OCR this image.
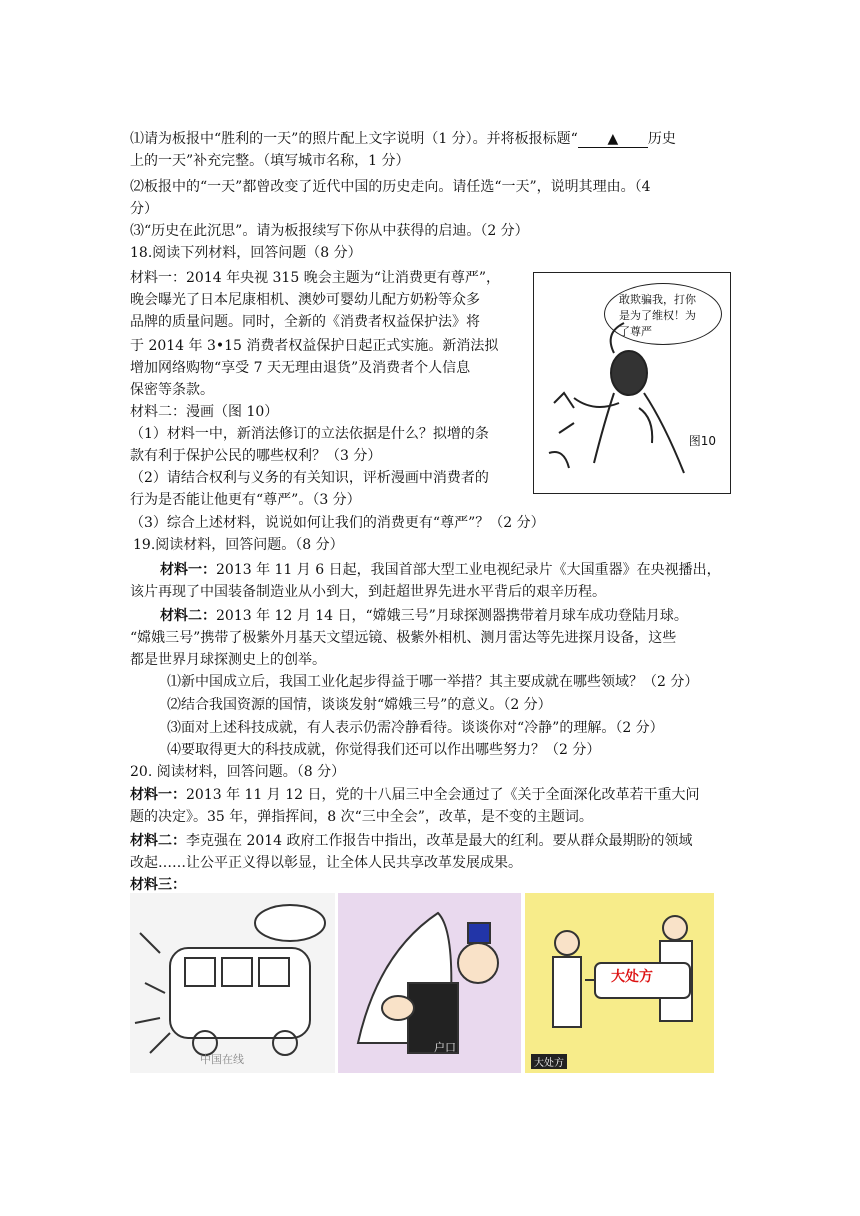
⑴请为板报中“胜利的一天”的照片配上文字说明（1 分）。并将板报标题“ ▲ 历史
上的一天”补充完整。（填写城市名称，1 分）
⑵板报中的“一天”都曾改变了近代中国的历史走向。请任选“一天”，说明其理由。（4
分）
⑶“历史在此沉思”。请为板报续写下你从中获得的启迪。（2 分）
18.阅读下列材料，回答问题（8 分）
材料一：2014 年央视 315 晚会主题为“让消费更有尊严”，
晚会曝光了日本尼康相机、澳妙可婴幼儿配方奶粉等众多
品牌的质量问题。同时，全新的《消费者权益保护法》将
于 2014 年 3•15 消费者权益保护日起正式实施。新消法拟
增加网络购物“享受 7 天无理由退货”及消费者个人信息
保密等条款。
材料二：漫画（图 10）
（1）材料一中，新消法修订的立法依据是什么？拟增的条
款有利于保护公民的哪些权利？（3 分）
（2）请结合权利与义务的有关知识，评析漫画中消费者的
行为是否能让他更有“尊严”。（3 分）
（3）综合上述材料，说说如何让我们的消费更有“尊严”？（2 分）
敢欺骗我，打你
是为了维权！为
了尊严
图10
19.阅读材料，回答问题。（8 分）
材料一：2013 年 11 月 6 日起，我国首部大型工业电视纪录片《大国重器》在央视播出，
该片再现了中国装备制造业从小到大，到赶超世界先进水平背后的艰辛历程。
材料二：2013 年 12 月 14 日，“嫦娥三号”月球探测器携带着月球车成功登陆月球。
“嫦娥三号”携带了极紫外月基天文望远镜、极紫外相机、测月雷达等先进探月设备，这些
都是世界月球探测史上的创举。
⑴新中国成立后，我国工业化起步得益于哪一举措？其主要成就在哪些领域？（2 分）
⑵结合我国资源的国情，谈谈发射“嫦娥三号”的意义。（2 分）
⑶面对上述科技成就，有人表示仍需冷静看待。谈谈你对“冷静”的理解。（2 分）
⑷要取得更大的科技成就，你觉得我们还可以作出哪些努力？（2 分）
20. 阅读材料，回答问题。（8 分）
材料一：2013 年 11 月 12 日，党的十八届三中全会通过了《关于全面深化改革若干重大问
题的决定》。35 年，弹指挥间，8 次“三中全会”，改革，是不变的主题词。
材料二：李克强在 2014 政府工作报告中指出，改革是最大的红利。要从群众最期盼的领域
改起……让公平正义得以彰显，让全体人民共享改革发展成果。
材料三：
中国在线
户口
大处方
大处方
